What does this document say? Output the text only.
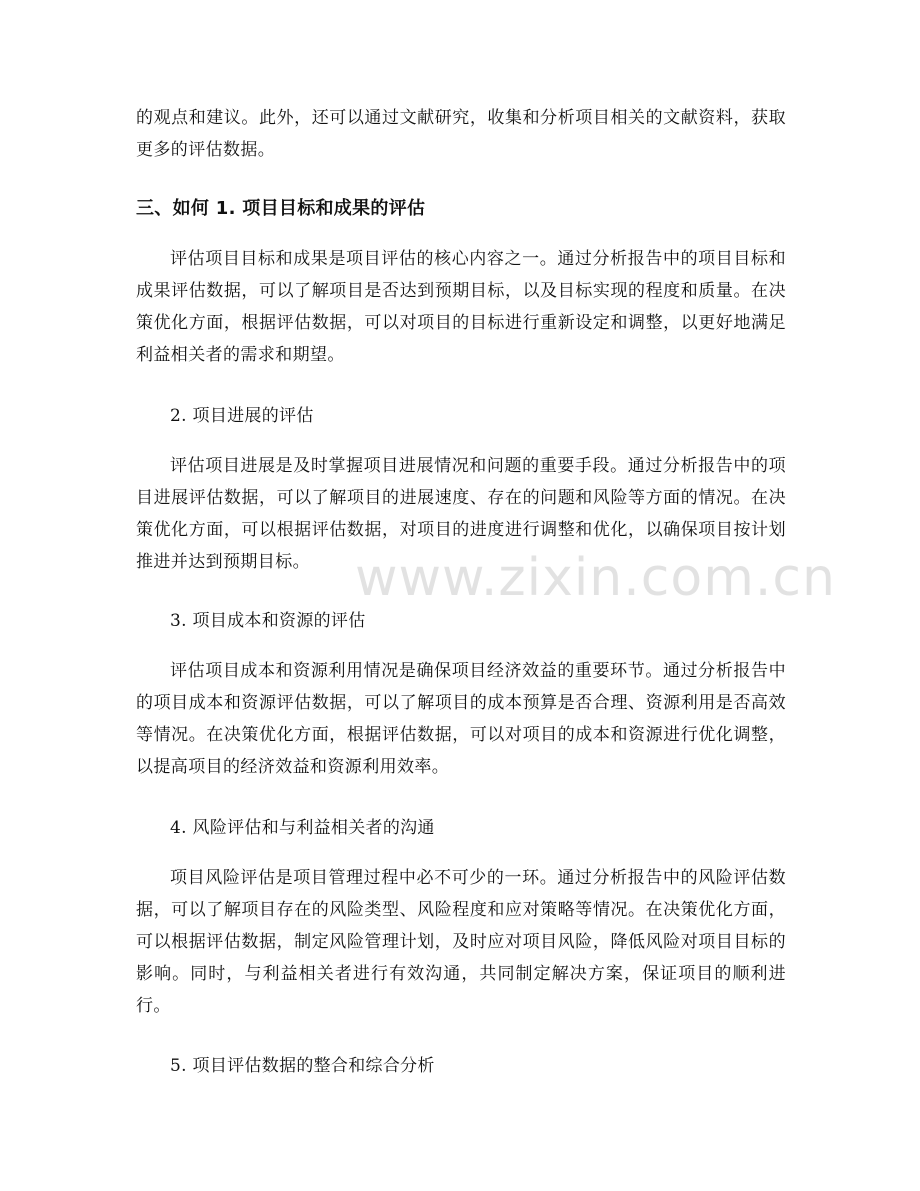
的观点和建议。此外，还可以通过文献研究，收集和分析项目相关的文献资料，获取更多的评估数据。

三、如何 1. 项目目标和成果的评估

评估项目目标和成果是项目评估的核心内容之一。通过分析报告中的项目目标和成果评估数据，可以了解项目是否达到预期目标，以及目标实现的程度和质量。在决策优化方面，根据评估数据，可以对项目的目标进行重新设定和调整，以更好地满足利益相关者的需求和期望。

2. 项目进展的评估

评估项目进展是及时掌握项目进展情况和问题的重要手段。通过分析报告中的项目进展评估数据，可以了解项目的进展速度、存在的问题和风险等方面的情况。在决策优化方面，可以根据评估数据，对项目的进度进行调整和优化，以确保项目按计划推进并达到预期目标。

3. 项目成本和资源的评估

评估项目成本和资源利用情况是确保项目经济效益的重要环节。通过分析报告中的项目成本和资源评估数据，可以了解项目的成本预算是否合理、资源利用是否高效等情况。在决策优化方面，根据评估数据，可以对项目的成本和资源进行优化调整，以提高项目的经济效益和资源利用效率。

4. 风险评估和与利益相关者的沟通

项目风险评估是项目管理过程中必不可少的一环。通过分析报告中的风险评估数据，可以了解项目存在的风险类型、风险程度和应对策略等情况。在决策优化方面，可以根据评估数据，制定风险管理计划，及时应对项目风险，降低风险对项目目标的影响。同时，与利益相关者进行有效沟通，共同制定解决方案，保证项目的顺利进行。

5. 项目评估数据的整合和综合分析
www.zixin.com.cn
